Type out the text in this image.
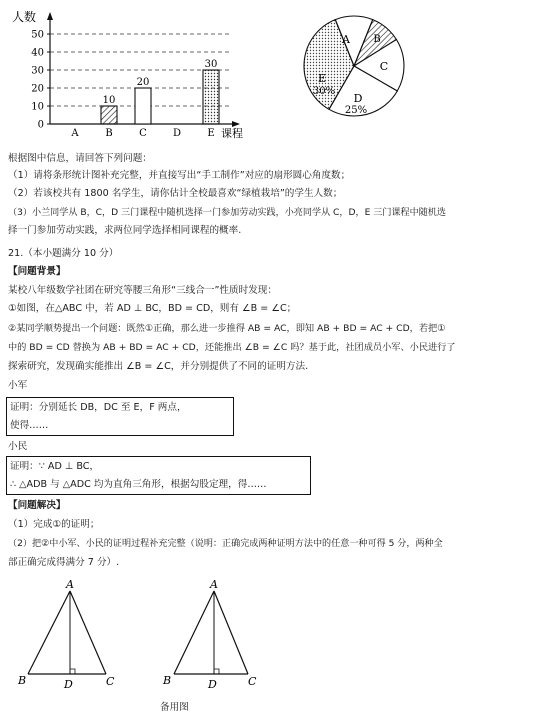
0
10
20
30
40
50
A	B	C	D	E
10
20
30
人数
课程
A B
C
D
25%
E
30%
根据图中信息，请回答下列问题：
（1）请将条形统计图补充完整，并直接写出“手工制作”对应的扇形圆心角度数；
（2）若该校共有 1800 名学生，请你估计全校最喜欢“绿植栽培”的学生人数；
（3）小兰同学从 B，C，D 三门课程中随机选择一门参加劳动实践，小亮同学从 C，D，E 三门课程中随机选
择一门参加劳动实践，求两位同学选择相同课程的概率.
21.（本小题满分 10 分）
【问题背景】
某校八年级数学社团在研究等腰三角形“三线合一”性质时发现：
①如图，在△ABC 中，若 AD ⊥ BC，BD = CD，则有 ∠B = ∠C；
②某同学顺势提出一个问题：既然①正确，那么进一步推得 AB = AC，即知 AB + BD = AC + CD，若把①
中的 BD = CD 替换为 AB + BD = AC + CD，还能推出 ∠B = ∠C 吗？基于此，社团成员小军、小民进行了
探索研究，发现确实能推出 ∠B = ∠C，并分别提供了不同的证明方法.
小军
证明：分别延长 DB，DC 至 E，F 两点，
使得……
小民
证明：∵ AD ⊥ BC，
∴ △ADB 与 △ADC 均为直角三角形，根据勾股定理，得……
【问题解决】
（1）完成①的证明；
（2）把②中小军、小民的证明过程补充完整（说明：正确完成两种证明方法中的任意一种可得 5 分，两种全
部正确完成得满分 7 分）.
A
B	D	C
A
B	D	C
备用图
